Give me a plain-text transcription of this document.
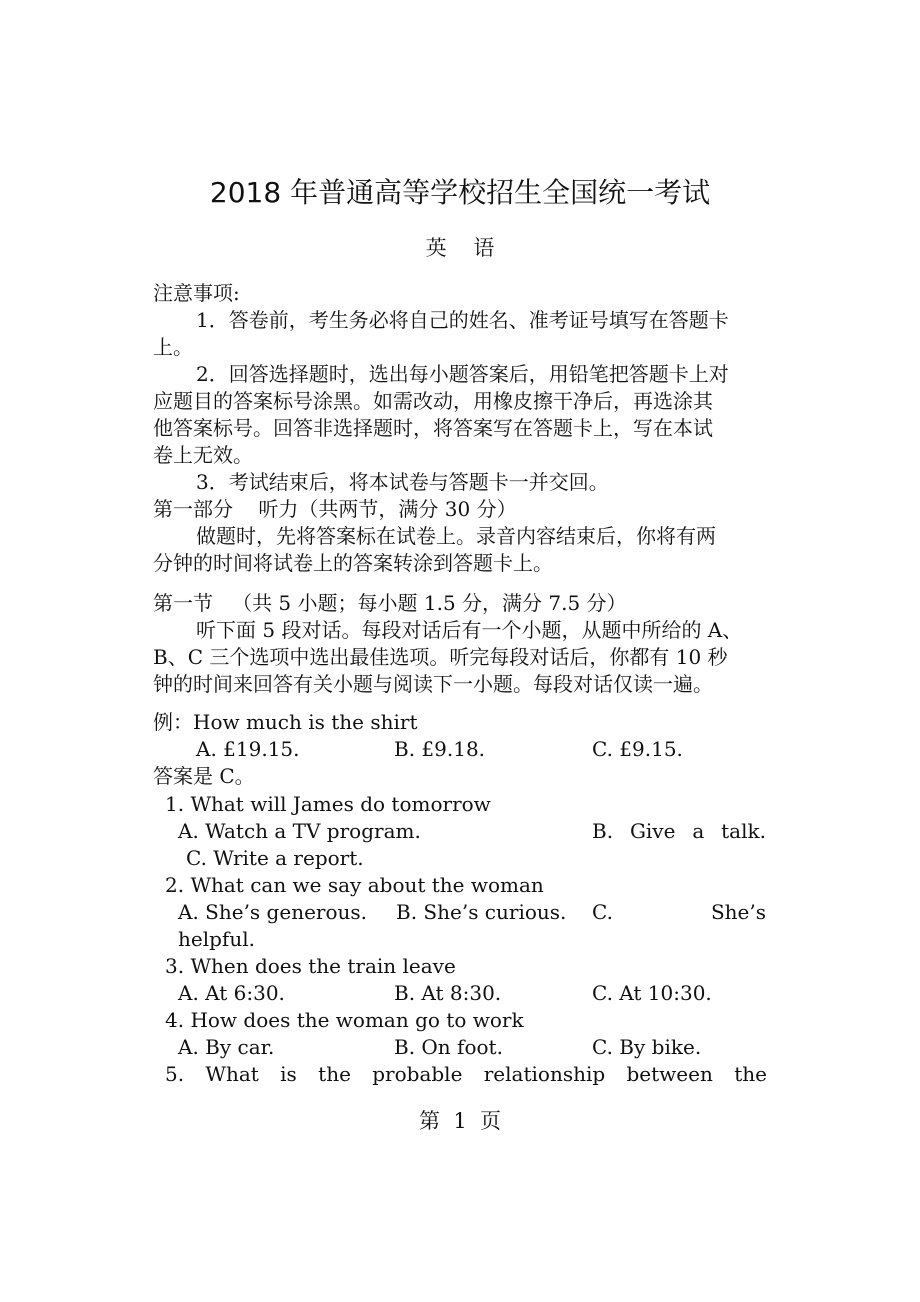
2018 年普通高等学校招生全国统一考试
英    语
注意事项:
1．答卷前，考生务必将自己的姓名、准考证号填写在答题卡
上。
2．回答选择题时，选出每小题答案后，用铅笔把答题卡上对
应题目的答案标号涂黑。如需改动，用橡皮擦干净后，再选涂其
他答案标号。回答非选择题时，将答案写在答题卡上，写在本试
卷上无效。
3．考试结束后，将本试卷与答题卡一并交回。
第一部分    听力（共两节，满分 30 分）
做题时，先将答案标在试卷上。录音内容结束后，你将有两
分钟的时间将试卷上的答案转涂到答题卡上。
第一节   （共 5 小题；每小题 1.5 分，满分 7.5 分）
听下面 5 段对话。每段对话后有一个小题，从题中所给的 A、
B、C 三个选项中选出最佳选项。听完每段对话后，你都有 10 秒
钟的时间来回答有关小题与阅读下一小题。每段对话仅读一遍。
例：How much is the shirt
A. £19.15.	B. £9.18.	C. £9.15.
答案是 C。
1. What will James do tomorrow
A. Watch a TV program.	B. Give a talk.
C. Write a report.
2. What can we say about the woman
A. She’s generous. B. She’s curious. C.	She’s
helpful.
3. When does the train leave
A. At 6:30.	B. At 8:30.	C. At 10:30.
4. How does the woman go to work
A. By car.	B. On foot.	C. By bike.
5. What is the probable relationship between the
第  1  页
